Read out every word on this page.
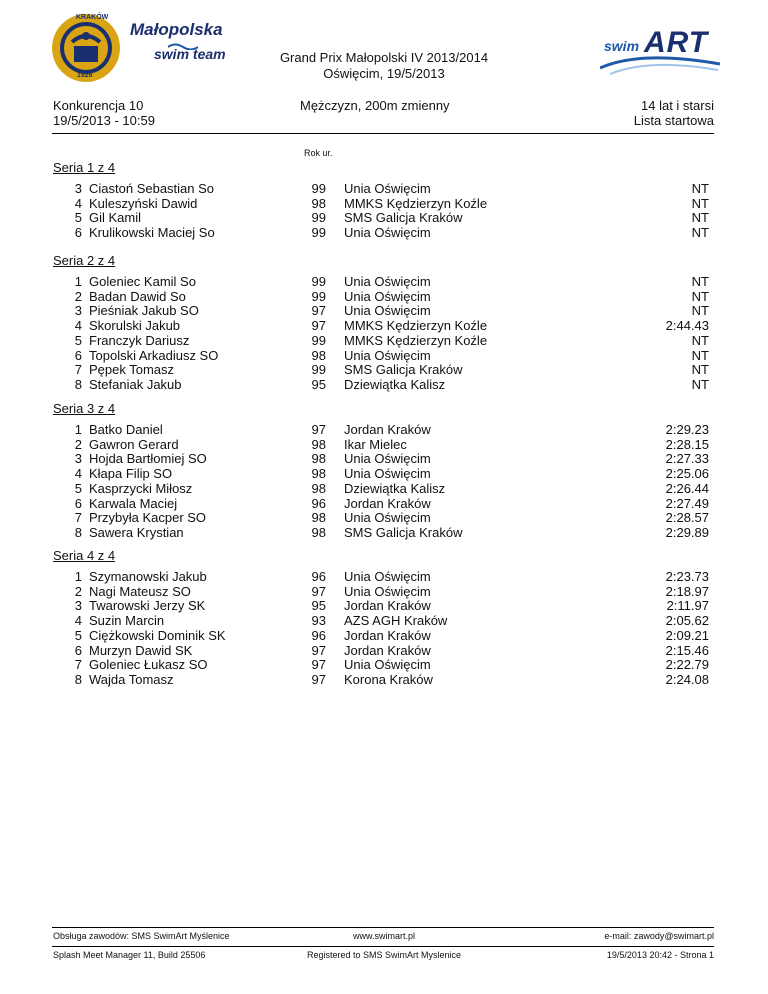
KRAKÓW
1926
Małopolska
swim team	Grand Prix Małopolski IV 2013/2014
Oświęcim, 19/5/2013
swim ART
Konkurencja 10
19/5/2013 - 10:59
Mężczyzn, 200m zmienny	14 lat i starsi
Lista startowa
Rok ur.
Seria 1 z 4
3 Ciastoń Sebastian So	99 Unia Oświęcim	NT
4 Kuleszyński Dawid	98 MMKS Kędzierzyn Koźle	NT
5 Gil Kamil	99 SMS Galicja Kraków	NT
6 Krulikowski Maciej So	99 Unia Oświęcim	NT
Seria 2 z 4
1 Goleniec Kamil So	99 Unia Oświęcim	NT
2 Badan Dawid So	99 Unia Oświęcim	NT
3 Pieśniak Jakub SO	97 Unia Oświęcim	NT
4 Skorulski Jakub	97 MMKS Kędzierzyn Koźle	2:44.43
5 Franczyk Dariusz	99 MMKS Kędzierzyn Koźle	NT
6 Topolski Arkadiusz SO	98 Unia Oświęcim	NT
7 Pępek Tomasz	99 SMS Galicja Kraków	NT
8 Stefaniak Jakub	95 Dziewiątka Kalisz	NT
Seria 3 z 4
1 Batko Daniel	97 Jordan Kraków	2:29.23
2 Gawron Gerard	98 Ikar Mielec	2:28.15
3 Hojda Bartłomiej SO	98 Unia Oświęcim	2:27.33
4 Kłapa Filip SO	98 Unia Oświęcim	2:25.06
5 Kasprzycki Miłosz	98 Dziewiątka Kalisz	2:26.44
6 Karwala Maciej	96 Jordan Kraków	2:27.49
7 Przybyła Kacper SO	98 Unia Oświęcim	2:28.57
8 Sawera Krystian	98 SMS Galicja Kraków	2:29.89
Seria 4 z 4
1 Szymanowski Jakub	96 Unia Oświęcim	2:23.73
2 Nagi Mateusz SO	97 Unia Oświęcim	2:18.97
3 Twarowski Jerzy SK	95 Jordan Kraków	2:11.97
4 Suzin Marcin	93 AZS AGH Kraków	2:05.62
5 Ciężkowski Dominik SK	96 Jordan Kraków	2:09.21
6 Murzyn Dawid SK	97 Jordan Kraków	2:15.46
7 Goleniec Łukasz SO	97 Unia Oświęcim	2:22.79
8 Wajda Tomasz	97 Korona Kraków	2:24.08
Obsługa zawodów: SMS SwimArt Myślenice	www.swimart.pl	e-mail: zawody@swimart.pl
Splash Meet Manager 11, Build 25506	Registered to SMS SwimArt Myslenice	19/5/2013 20:42 - Strona 1
